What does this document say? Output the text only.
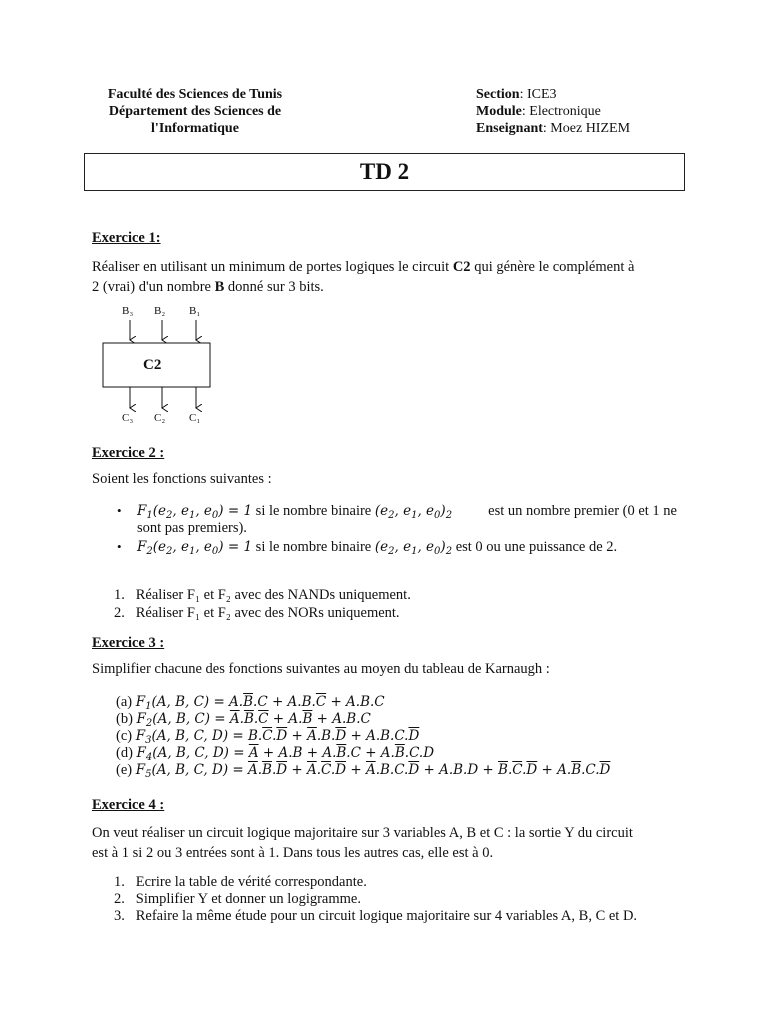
Faculté des Sciences de Tunis
Département des Sciences de
l'Informatique
Section: ICE3
Module: Electronique
Enseignant: Moez HIZEM
TD 2
Exercice 1:
Réaliser en utilisant un minimum de portes logiques le circuit C2 qui génère le complément à
2 (vrai) d'un nombre B donné sur 3 bits.
B₃ B₂ B₁
C2
C₃ C₂ C₁
Exercice 2 :
Soient les fonctions suivantes :
• $F_1(e_2$, $e_1$, $e_0) = 1$ si le nombre binaire ($e_2$, $e_1$, $e_0)_2$ est un nombre premier (0 et 1 ne
sont pas premiers).
• $F_2(e_2$, $e_1$, $e_0) = 1$ si le nombre binaire ($e_2$, $e_1$, $e_0)_2$ est 0 ou une puissance de 2.
1.   Réaliser F₁ et F₂ avec des NANDs uniquement.
2.   Réaliser F₁ et F₂ avec des NORs uniquement.
Exercice 3 :
Simplifier chacune des fonctions suivantes au moyen du tableau de Karnaugh :
(a) $F_1(A$, B, $C) = A.\overline{B}.C + A.B.\overline{C} + A.B.C$
(b) $F_2(A$, B, $C) = \overline{A}.\overline{B}.\overline{C} + A.\overline{B} + A.B.C$
(c) $F_3(A$, B, C, $D) = B.\overline{C}.\overline{D} + \overline{A}.B.\overline{D} + A.B.C.\overline{D}$
(d) $F_4(A$, B, C, $D) = \overline{A} + A.B + A.\overline{B}.C + A.\overline{B}.C.D$
(e) $F_5(A$, B, C, $D) = \overline{A}.\overline{B}.\overline{D} + \overline{A}.\overline{C}.\overline{D} + \overline{A}.B.C.\overline{D} + A.B.D + \overline{B}.\overline{C}.\overline{D} + A.\overline{B}.C.\overline{D}$
Exercice 4 :
On veut réaliser un circuit logique majoritaire sur 3 variables A, B et C : la sortie Y du circuit
est à 1 si 2 ou 3 entrées sont à 1. Dans tous les autres cas, elle est à 0.
1.   Ecrire la table de vérité correspondante.
2.   Simplifier Y et donner un logigramme.
3.   Refaire la même étude pour un circuit logique majoritaire sur 4 variables A, B, C et D.
